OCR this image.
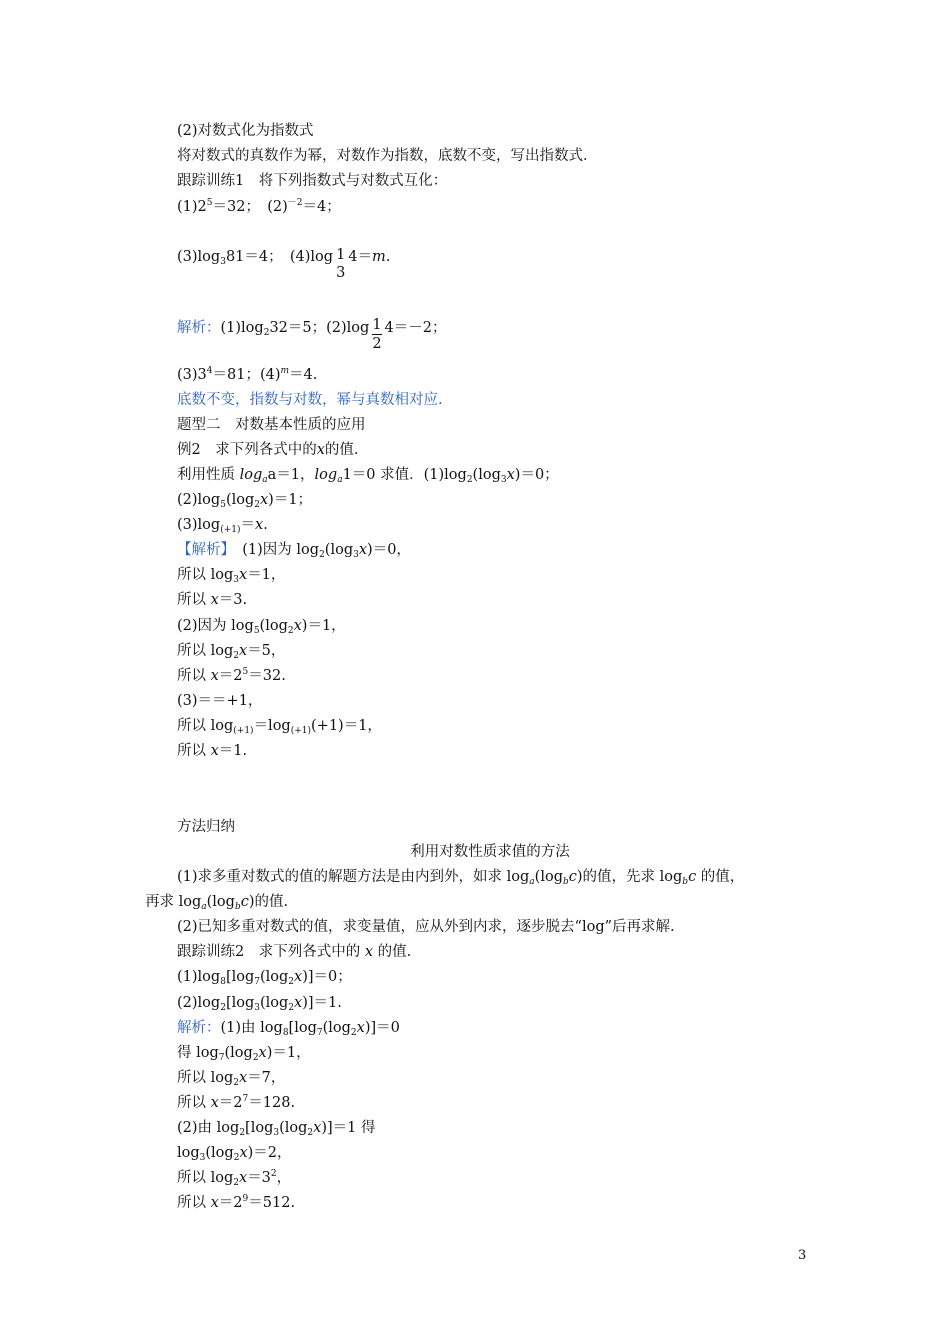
(2)对数式化为指数式
将对数式的真数作为幂，对数作为指数，底数不变，写出指数式．
跟踪训练1　将下列指数式与对数式互化：
$(1)2^5=32$；　$(2)^{-2}=4$；
$(3)\log_381=4$；　(4)log 1
3
4＝m.
解析：$(1)\log_232=5$；$(2)\log \frac{1}{2} 4=-2$；
$(3)3^4=81$；$(4)^m=4$.
底数不变，指数与对数，幂与真数相对应.
题型二　对数基本性质的应用
例2　求下列各式中的x的值.
利用性质 $\log_aa=1$，$\log_a1=0$ 求值．$(1)\log_2(\log_3x)=0$；
$(2)\log_5(\log_2x)=1$；
$(3)\log_{(+1)}=x$.
【解析】　(1)因为 $\log_2(\log_3x)=0$，
所以 $\log_3x=1$，
所以 x＝3.
(2)因为 $\log_5(\log_2x)=1$，
所以 $\log_2x=5$，
所以 $x=2^5=32$.
(3)＝＝+1，
所以 $\log_{(+1)}=\log_{(+1)}(+1)=1$，
所以 x＝1.
方法归纳
利用对数性质求值的方法
(1)求多重对数式的值的解题方法是由内到外，如求 $\log_a(\log_bc)$的值，先求 $\log_bc$ 的值，
再求 $\log_a(\log_bc)$的值.
(2)已知多重对数式的值，求变量值，应从外到内求，逐步脱去“log”后再求解.
跟踪训练2　求下列各式中的 x 的值.
$(1)\log_8[\log_7(\log_2x)]=0$；
$(2)\log_2[\log_3(\log_2x)]=1$.
解析：(1)由 $\log_8[\log_7(\log_2x)]=0$
得 $\log_7(\log_2x)=1$，
所以 $\log_2x=7$，
所以 $x=2^7=128$.
(2)由 $\log_2[\log_3(\log_2x)]=1$ 得
$\log_3(\log_2x)=2$，
所以 $\log_2x=3^2$，
所以 $x=2^9=512$.
3
